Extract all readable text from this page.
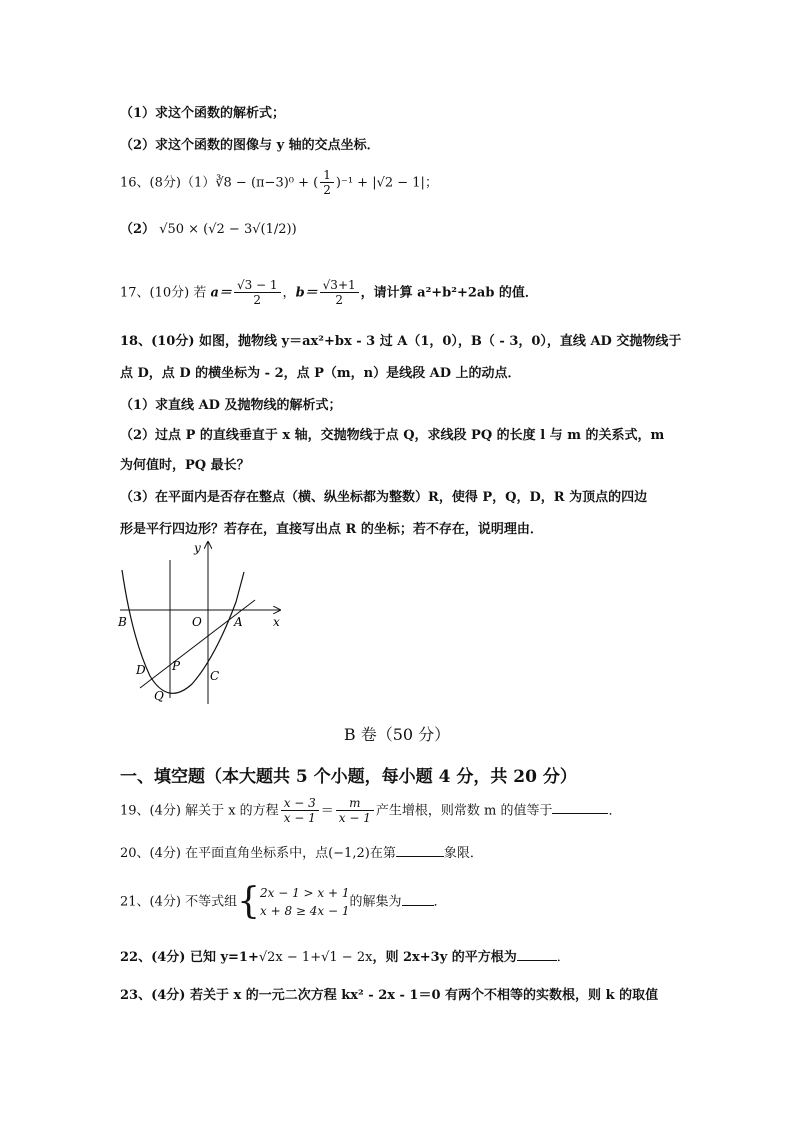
（1）求这个函数的解析式；
（2）求这个函数的图像与 y 轴的交点坐标．
16、(8分)（1）∛8 − (π−3)⁰ + ( $\frac{1}{2} )^{-1} + |√2 - 1|$；
（2） √50 × (√2 − 3√(1/2))
17、(10分) 若 $a= \frac{√3 - 1}{2}$ ，$b= \frac{√3+1}{2}$ ，请计算 a²+b²+2ab 的值．
18、(10分) 如图，抛物线 y＝ax²+bx - 3 过 A（1，0），B（ - 3，0），直线 AD 交抛物线于
点 D，点 D 的横坐标为 - 2，点 P（m，n）是线段 AD 上的动点．
（1）求直线 AD 及抛物线的解析式；
（2）过点 P 的直线垂直于 x 轴，交抛物线于点 Q，求线段 PQ 的长度 l 与 m 的关系式，m
为何值时，PQ 最长？
（3）在平面内是否存在整点（横、纵坐标都为整数）R，使得 P，Q，D，R 为顶点的四边
形是平行四边形？若存在，直接写出点 R 的坐标；若不存在，说明理由．
y
x
B	O	A
D P
C
Q
B 卷（50 分）
一、填空题（本大题共 5 个小题，每小题 4 分，共 20 分）
19、(4分) 解关于 x 的方程 $\frac{x - 3}{x - 1} = \frac{m}{x - 1}$ 产生增根，则常数 m 的值等于	．
20、(4分) 在平面直角坐标系中，点(−1,2)在第	象限．
21、(4分) 不等式组{ 2x − 1 > x + 1
x + 8 ≥ 4x − 1
的解集为 ．
22、(4分) 已知 y=1+√2x − 1+√1 − 2x，则 2x+3y 的平方根为	．
23、(4分) 若关于 x 的一元二次方程 kx² - 2x - 1＝0 有两个不相等的实数根，则 k 的取值
